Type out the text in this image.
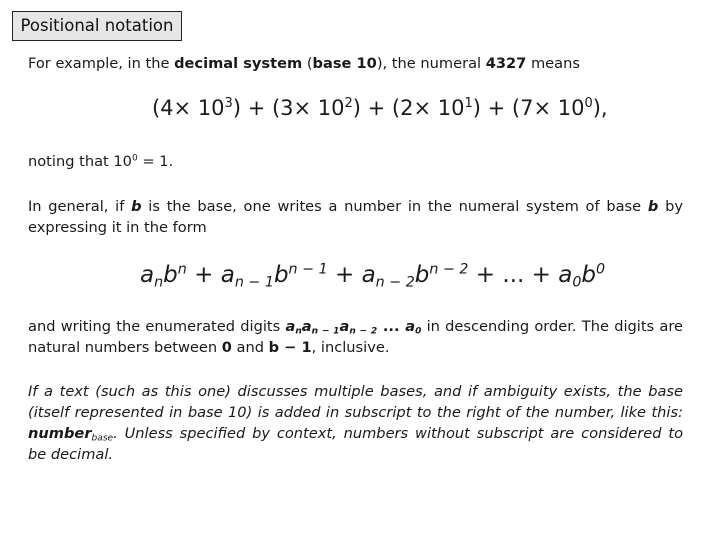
Positional notation
For example, in the decimal system (base 10), the numeral 4327 means
$(4\times 10^3) + (3\times 10^2) + (2\times 10^1) + (7\times 10^0)$,
noting that $10^0 = 1$.
In general, if b is the base, one writes a number in the numeral system of base b by expressing it in the form
$a_nb^n + a_{n - 1}b^{n - 1} + a_{n - 2}b^{n - 2}$ + ... + $a_0b^0$
and writing the enumerated digits $a_na_{n - 1}a_{n - 2}$ ... $a_0$ in descending order. The digits are natural numbers between 0 and b − 1, inclusive.
If a text (such as this one) discusses multiple bases, and if ambiguity exists, the base (itself represented in base 10) is added in subscript to the right of the number, like this: number$_{base}$. Unless specified by context, numbers without subscript are considered to be decimal.
